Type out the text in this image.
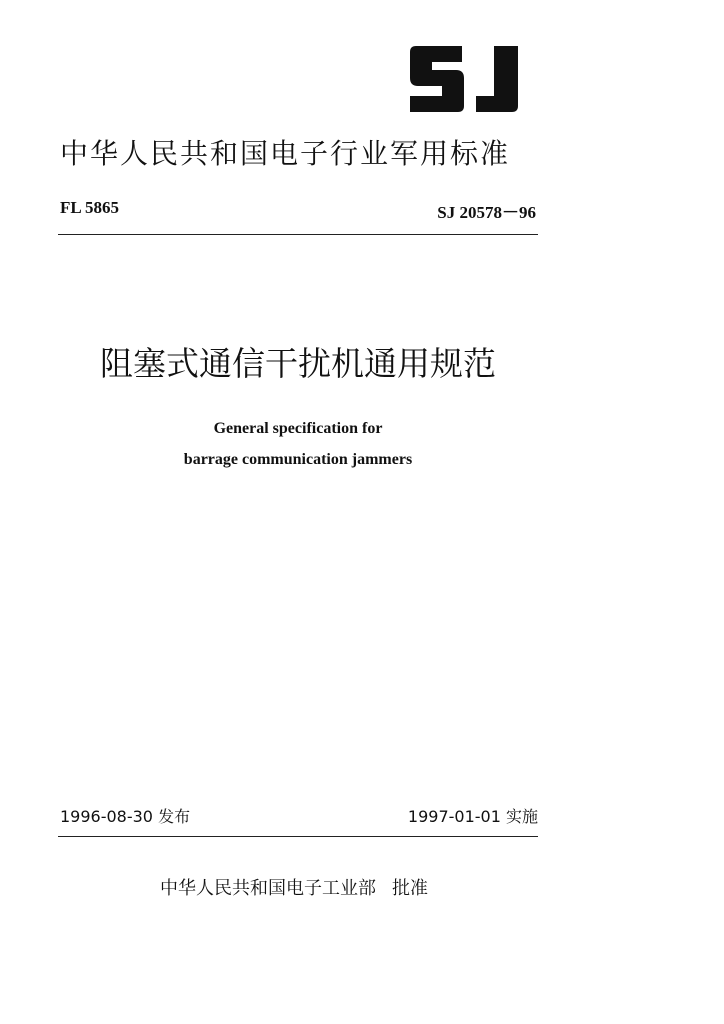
SJ
中华人民共和国电子行业军用标准
FL 5865	SJ 20578－96
阻塞式通信干扰机通用规范
General specification for
barrage communication jammers
1996-08-30 发布	1997-01-01 实施
中华人民共和国电子工业部 批准
